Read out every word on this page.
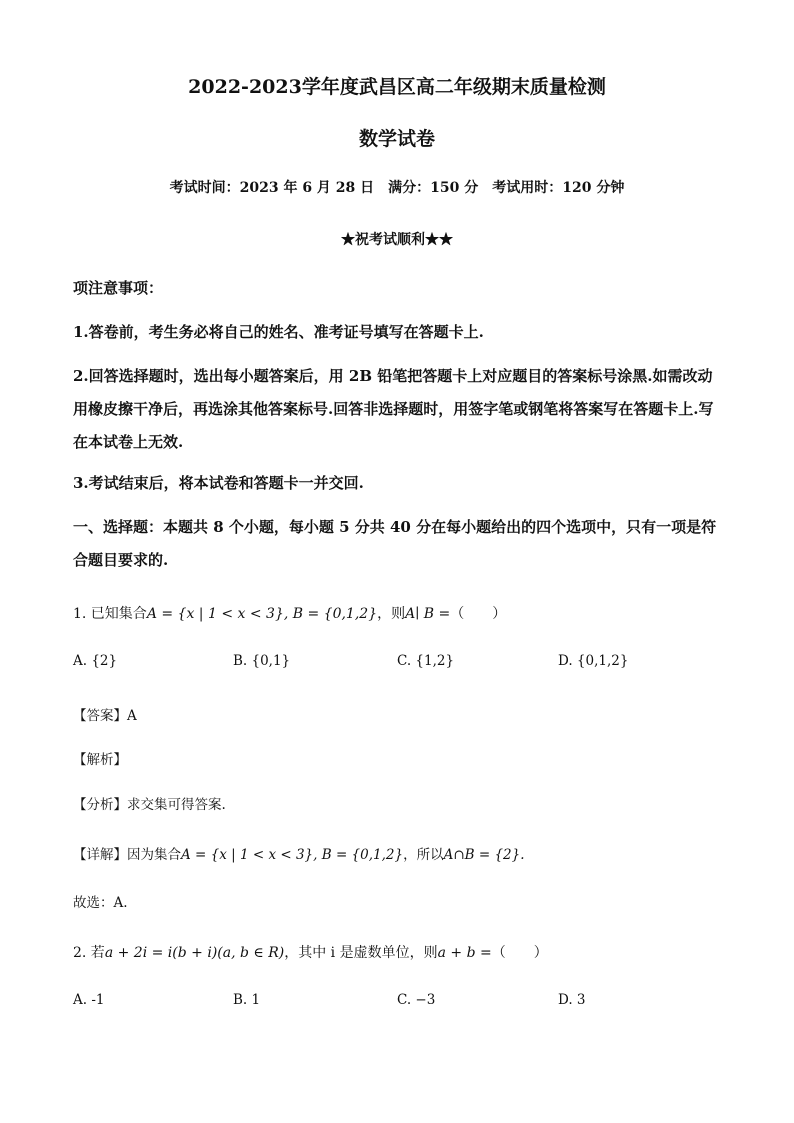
2022-2023学年度武昌区高二年级期末质量检测
数学试卷
考试时间：2023 年 6 月 28 日　满分：150 分　考试用时：120 分钟
★祝考试顺利★★
项注意事项：
1.答卷前，考生务必将自己的姓名、准考证号填写在答题卡上.
2.回答选择题时，选出每小题答案后，用 2B 铅笔把答题卡上对应题目的答案标号涂黑.如需改动用橡皮擦干净后，再选涂其他答案标号.回答非选择题时，用签字笔或钢笔将答案写在答题卡上.写在本试卷上无效.
3.考试结束后，将本试卷和答题卡一并交回.
一、选择题：本题共 8 个小题，每小题 5 分共 40 分在每小题给出的四个选项中，只有一项是符合题目要求的.
1. 已知集合A = {x | 1 < x < 3}, B = {0,1,2}，则A∣ B =（　　）
A. {2}	B. {0,1}	C. {1,2}	D. {0,1,2}
【答案】A
【解析】
【分析】求交集可得答案.
【详解】因为集合A = {x | 1 < x < 3}, B = {0,1,2}，所以A∩B = {2}.
故选：A.
2. 若a + 2i = i(b + i)(a, b ∈ R)，其中 i 是虚数单位，则a + b =（　　）
A. -1	B. 1	C. −3	D. 3
